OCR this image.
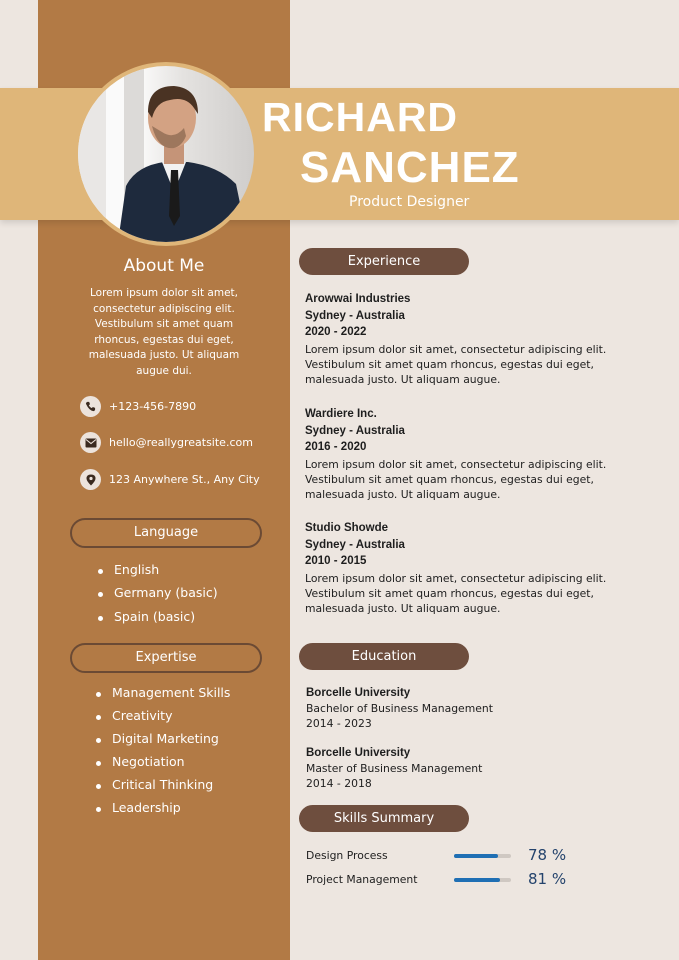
RICHARD
SANCHEZ
Product Designer
About Me
Lorem ipsum dolor sit amet, consectetur adipiscing elit. Vestibulum sit amet quam rhoncus, egestas dui eget, malesuada justo. Ut aliquam augue dui.
+123-456-7890
hello@reallygreatsite.com
123 Anywhere St., Any City
Language
English
Germany (basic)
Spain (basic)
Expertise
Management Skills
Creativity
Digital Marketing
Negotiation
Critical Thinking
Leadership
Experience
Arowwai Industries
Sydney - Australia
2020 - 2022
Lorem ipsum dolor sit amet, consectetur adipiscing elit. Vestibulum sit amet quam rhoncus, egestas dui eget, malesuada justo. Ut aliquam augue.
Wardiere Inc.
Sydney - Australia
2016 - 2020
Lorem ipsum dolor sit amet, consectetur adipiscing elit. Vestibulum sit amet quam rhoncus, egestas dui eget, malesuada justo. Ut aliquam augue.
Studio Showde
Sydney - Australia
2010 - 2015
Lorem ipsum dolor sit amet, consectetur adipiscing elit. Vestibulum sit amet quam rhoncus, egestas dui eget, malesuada justo. Ut aliquam augue.
Education
Borcelle University
Bachelor of Business Management
2014 - 2023
Borcelle University
Master of Business Management
2014 - 2018
Skills Summary
Design Process	78 %
Project Management	81 %
